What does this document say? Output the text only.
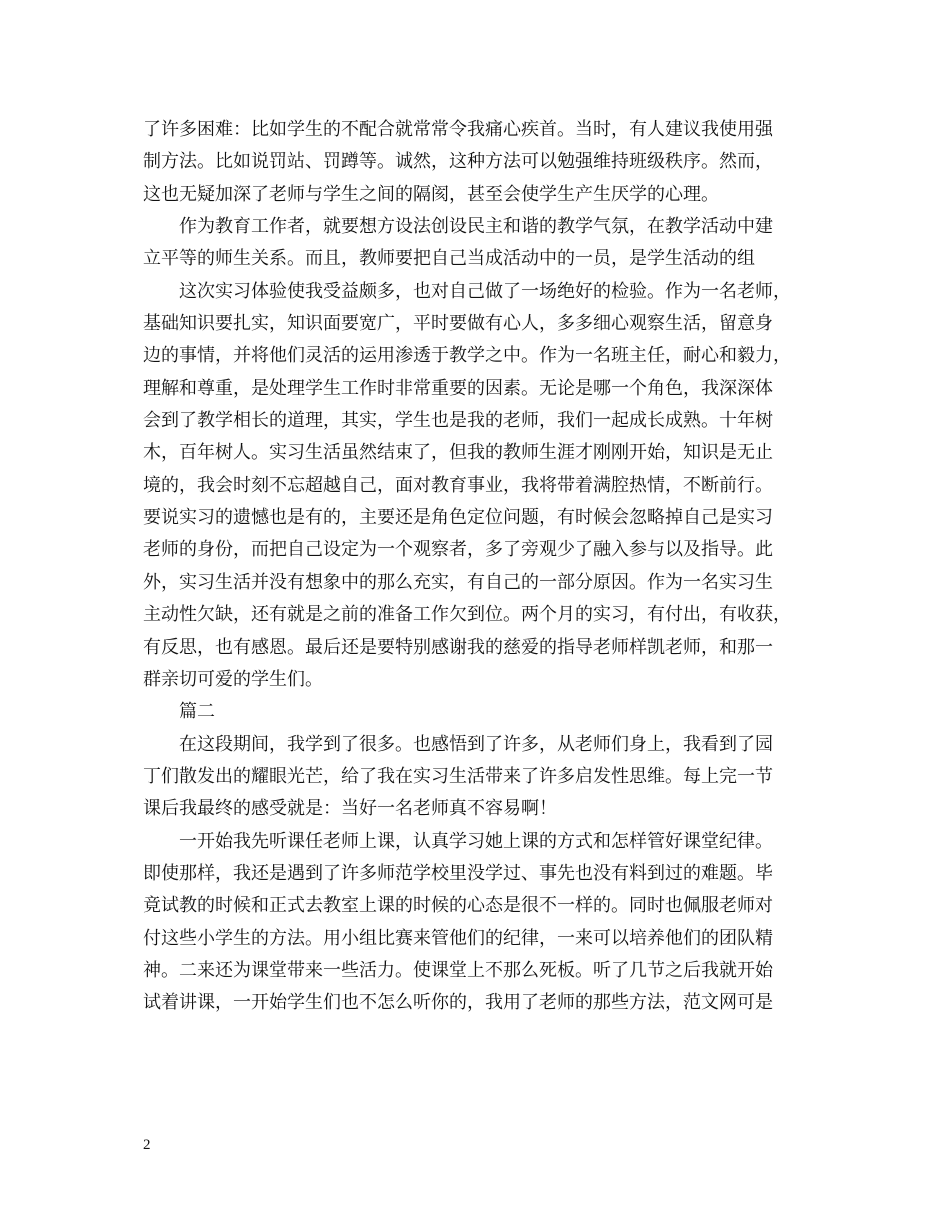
了许多困难：比如学生的不配合就常常令我痛心疾首。当时，有人建议我使用强
制方法。比如说罚站、罚蹲等。诚然，这种方法可以勉强维持班级秩序。然而，
这也无疑加深了老师与学生之间的隔阂，甚至会使学生产生厌学的心理。
　　作为教育工作者，就要想方设法创设民主和谐的教学气氛，在教学活动中建
立平等的师生关系。而且，教师要把自己当成活动中的一员，是学生活动的组
　　这次实习体验使我受益颇多，也对自己做了一场绝好的检验。作为一名老师，
基础知识要扎实，知识面要宽广，平时要做有心人，多多细心观察生活，留意身
边的事情，并将他们灵活的运用渗透于教学之中。作为一名班主任，耐心和毅力，
理解和尊重，是处理学生工作时非常重要的因素。无论是哪一个角色，我深深体
会到了教学相长的道理，其实，学生也是我的老师，我们一起成长成熟。十年树
木，百年树人。实习生活虽然结束了，但我的教师生涯才刚刚开始，知识是无止
境的，我会时刻不忘超越自己，面对教育事业，我将带着满腔热情，不断前行。
要说实习的遗憾也是有的，主要还是角色定位问题，有时候会忽略掉自己是实习
老师的身份，而把自己设定为一个观察者，多了旁观少了融入参与以及指导。此
外，实习生活并没有想象中的那么充实，有自己的一部分原因。作为一名实习生
主动性欠缺，还有就是之前的准备工作欠到位。两个月的实习，有付出，有收获，
有反思，也有感恩。最后还是要特别感谢我的慈爱的指导老师样凯老师，和那一
群亲切可爱的学生们。
　　篇二
　　在这段期间，我学到了很多。也感悟到了许多，从老师们身上，我看到了园
丁们散发出的耀眼光芒，给了我在实习生活带来了许多启发性思维。每上完一节
课后我最终的感受就是：当好一名老师真不容易啊！
　　一开始我先听课任老师上课，认真学习她上课的方式和怎样管好课堂纪律。
即使那样，我还是遇到了许多师范学校里没学过、事先也没有料到过的难题。毕
竟试教的时候和正式去教室上课的时候的心态是很不一样的。同时也佩服老师对
付这些小学生的方法。用小组比赛来管他们的纪律，一来可以培养他们的团队精
神。二来还为课堂带来一些活力。使课堂上不那么死板。听了几节之后我就开始
试着讲课，一开始学生们也不怎么听你的，我用了老师的那些方法，范文网可是
2
